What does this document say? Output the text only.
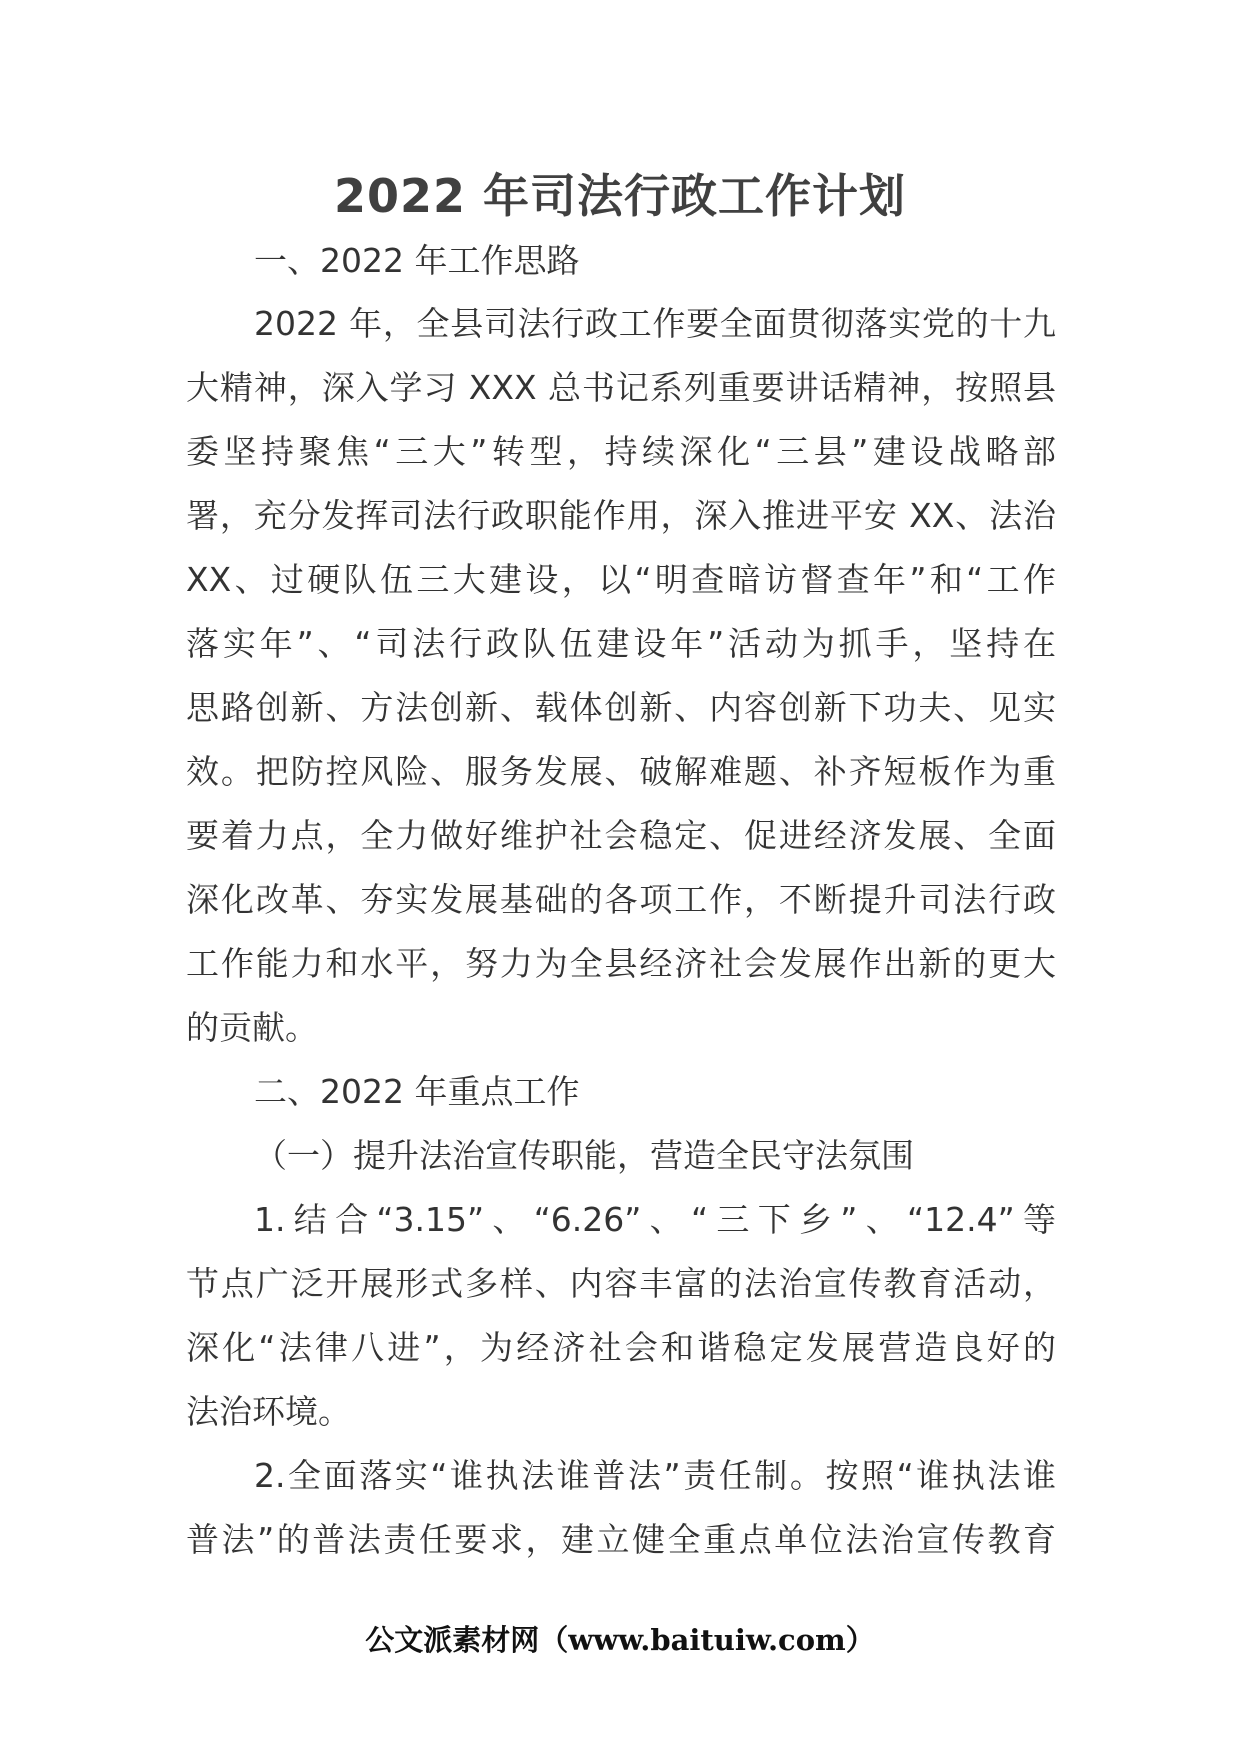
2022 年司法行政工作计划
一、2022 年工作思路
2022 年，全县司法行政工作要全面贯彻落实党的十九
大精神，深入学习 XXX 总书记系列重要讲话精神，按照县
委坚持聚焦“三大”转型，持续深化“三县”建设战略部
署，充分发挥司法行政职能作用，深入推进平安 XX、法治
XX、过硬队伍三大建设，以“明查暗访督查年”和“工作
落实年”、“司法行政队伍建设年”活动为抓手，坚持在
思路创新、方法创新、载体创新、内容创新下功夫、见实
效。把防控风险、服务发展、破解难题、补齐短板作为重
要着力点，全力做好维护社会稳定、促进经济发展、全面
深化改革、夯实发展基础的各项工作，不断提升司法行政
工作能力和水平，努力为全县经济社会发展作出新的更大
的贡献。
二、2022 年重点工作
（一）提升法治宣传职能，营造全民守法氛围
1.结合“3.15”、“6.26”、“三下乡”、“12.4”等
节点广泛开展形式多样、内容丰富的法治宣传教育活动，
深化“法律八进”，为经济社会和谐稳定发展营造良好的
法治环境。
2.全面落实“谁执法谁普法”责任制。按照“谁执法谁
普法”的普法责任要求，建立健全重点单位法治宣传教育
公文派素材网（www.baituiw.com）
